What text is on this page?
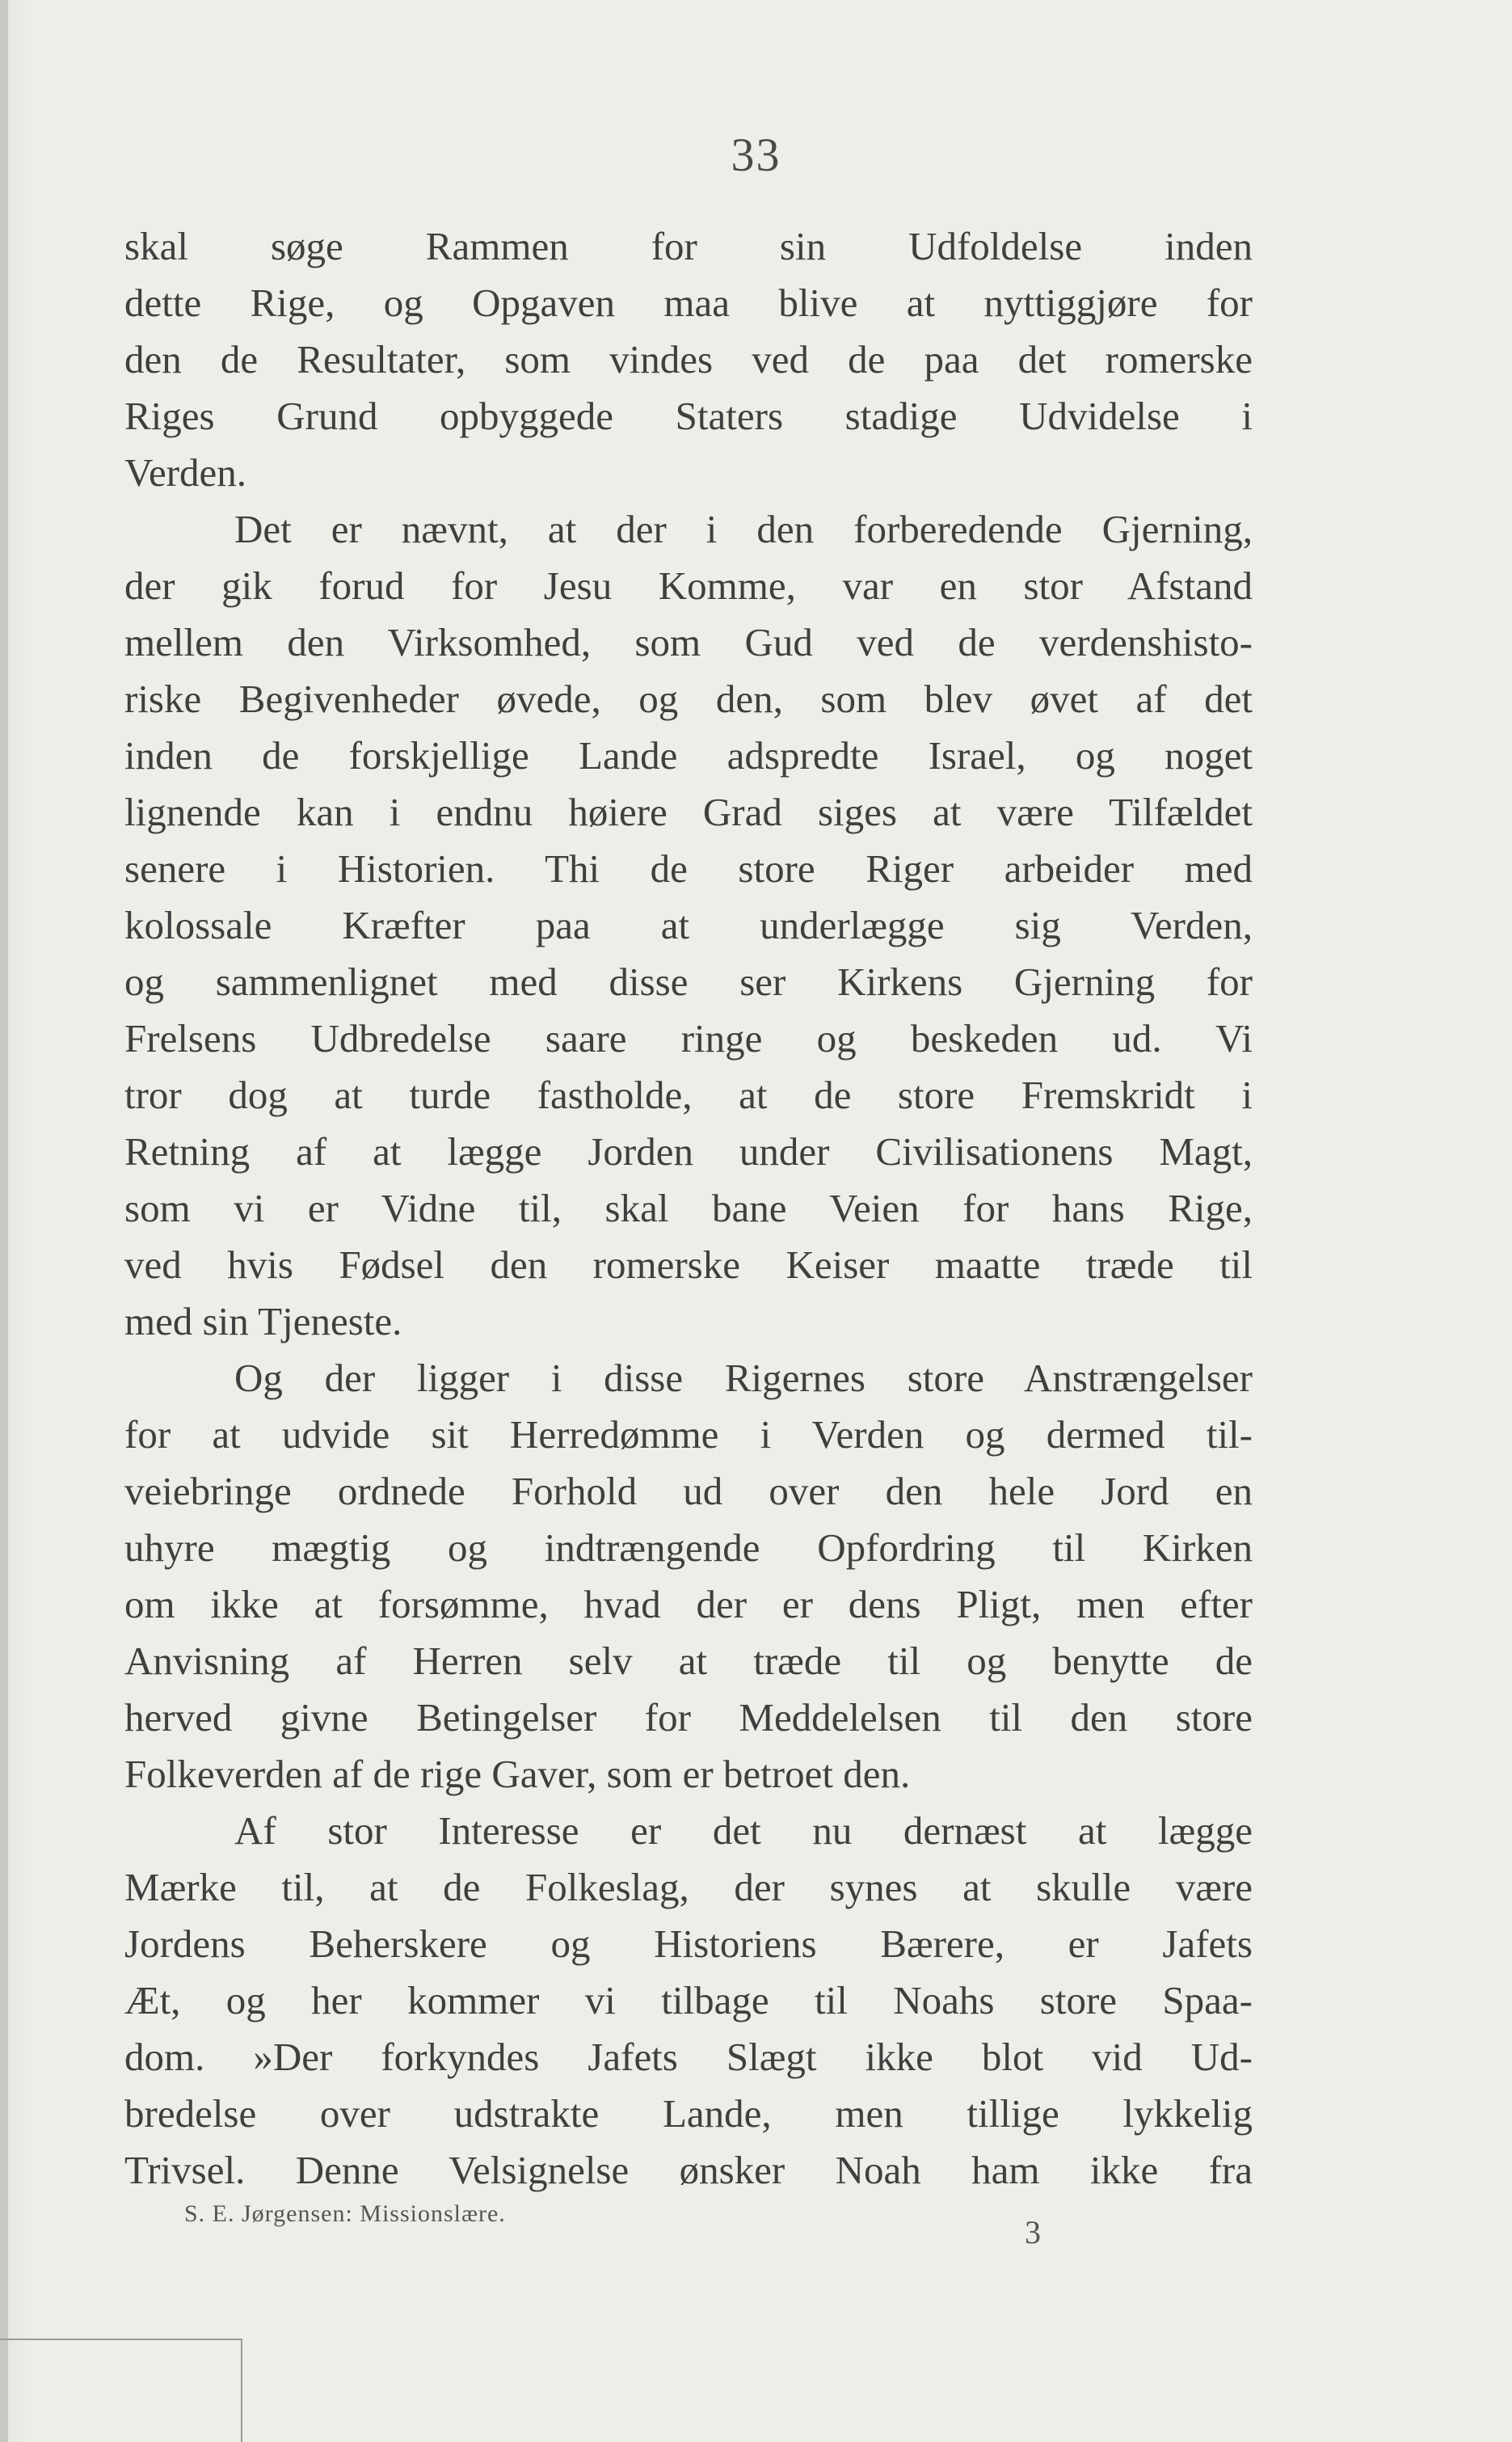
33
skal søge Rammen for sin Udfoldelse inden
dette Rige, og Opgaven maa blive at nyttiggjøre for
den de Resultater, som vindes ved de paa det romerske
Riges Grund opbyggede Staters stadige Udvidelse i
Verden.
Det er nævnt, at der i den forberedende Gjerning,
der gik forud for Jesu Komme, var en stor Afstand
mellem den Virksomhed, som Gud ved de verdenshisto-
riske Begivenheder øvede, og den, som blev øvet af det
inden de forskjellige Lande adspredte Israel, og noget
lignende kan i endnu høiere Grad siges at være Tilfældet
senere i Historien. Thi de store Riger arbeider med
kolossale Kræfter paa at underlægge sig Verden,
og sammenlignet med disse ser Kirkens Gjerning for
Frelsens Udbredelse saare ringe og beskeden ud. Vi
tror dog at turde fastholde, at de store Fremskridt i
Retning af at lægge Jorden under Civilisationens Magt,
som vi er Vidne til, skal bane Veien for hans Rige,
ved hvis Fødsel den romerske Keiser maatte træde til
med sin Tjeneste.
Og der ligger i disse Rigernes store Anstrængelser
for at udvide sit Herredømme i Verden og dermed til-
veiebringe ordnede Forhold ud over den hele Jord en
uhyre mægtig og indtrængende Opfordring til Kirken
om ikke at forsømme, hvad der er dens Pligt, men efter
Anvisning af Herren selv at træde til og benytte de
herved givne Betingelser for Meddelelsen til den store
Folkeverden af de rige Gaver, som er betroet den.
Af stor Interesse er det nu dernæst at lægge
Mærke til, at de Folkeslag, der synes at skulle være
Jordens Beherskere og Historiens Bærere, er Jafets
Æt, og her kommer vi tilbage til Noahs store Spaa-
dom. »Der forkyndes Jafets Slægt ikke blot vid Ud-
bredelse over udstrakte Lande, men tillige lykkelig
Trivsel. Denne Velsignelse ønsker Noah ham ikke fra
S. E. Jørgensen: Missionslære.
3
